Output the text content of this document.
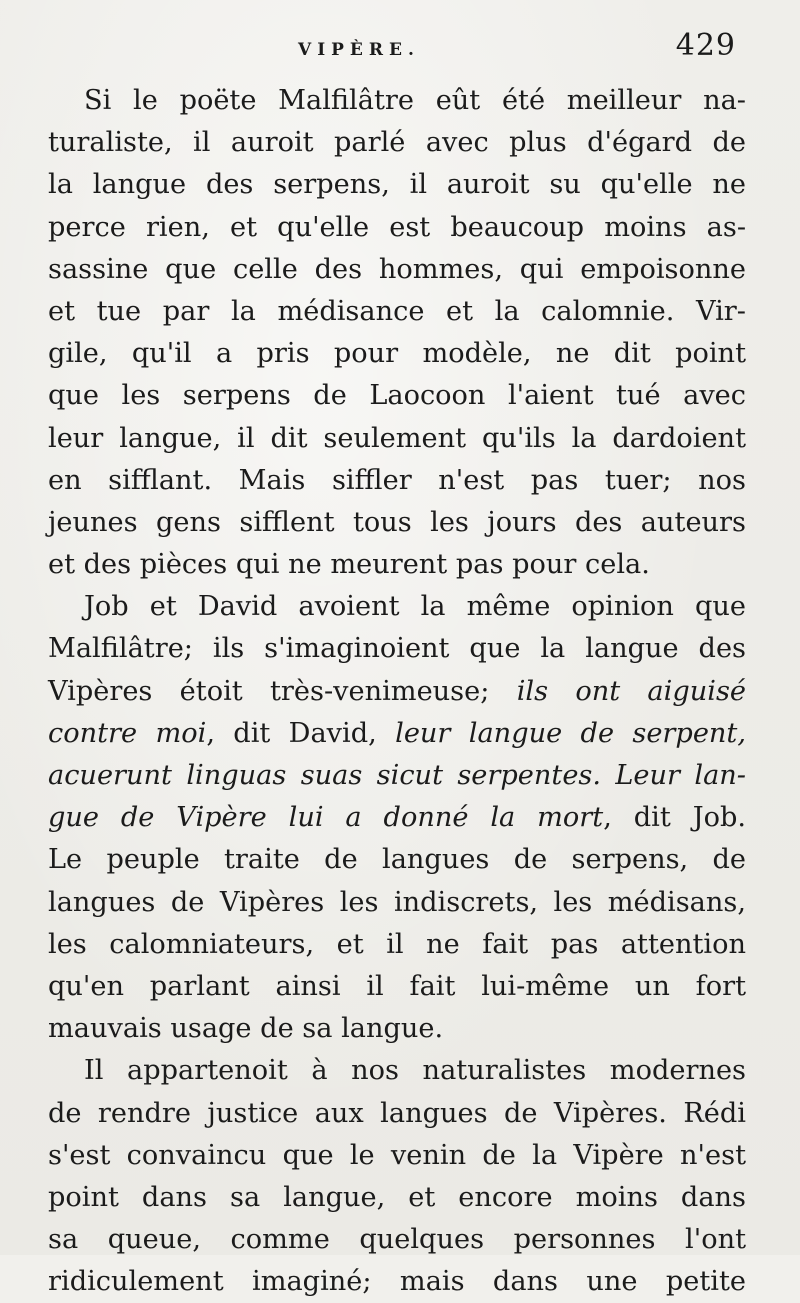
VIPÈRE.	429
Si le poëte Malfilâtre eût été meilleur na-
turaliste, il auroit parlé avec plus d'égard de
la langue des serpens, il auroit su qu'elle ne
perce rien, et qu'elle est beaucoup moins as-
sassine que celle des hommes, qui empoisonne
et tue par la médisance et la calomnie. Vir-
gile, qu'il a pris pour modèle, ne dit point
que les serpens de Laocoon l'aient tué avec
leur langue, il dit seulement qu'ils la dardoient
en sifflant. Mais siffler n'est pas tuer; nos
jeunes gens sifflent tous les jours des auteurs
et des pièces qui ne meurent pas pour cela.
Job et David avoient la même opinion que
Malfilâtre; ils s'imaginoient que la langue des
Vipères étoit très-venimeuse; ils ont aiguisé
contre moi, dit David, leur langue de serpent,
acuerunt linguas suas sicut serpentes. Leur lan-
gue de Vipère lui a donné la mort, dit Job.
Le peuple traite de langues de serpens, de
langues de Vipères les indiscrets, les médisans,
les calomniateurs, et il ne fait pas attention
qu'en parlant ainsi il fait lui-même un fort
mauvais usage de sa langue.
Il appartenoit à nos naturalistes modernes
de rendre justice aux langues de Vipères. Rédi
s'est convaincu que le venin de la Vipère n'est
point dans sa langue, et encore moins dans
sa queue, comme quelques personnes l'ont
ridiculement imaginé; mais dans une petite
